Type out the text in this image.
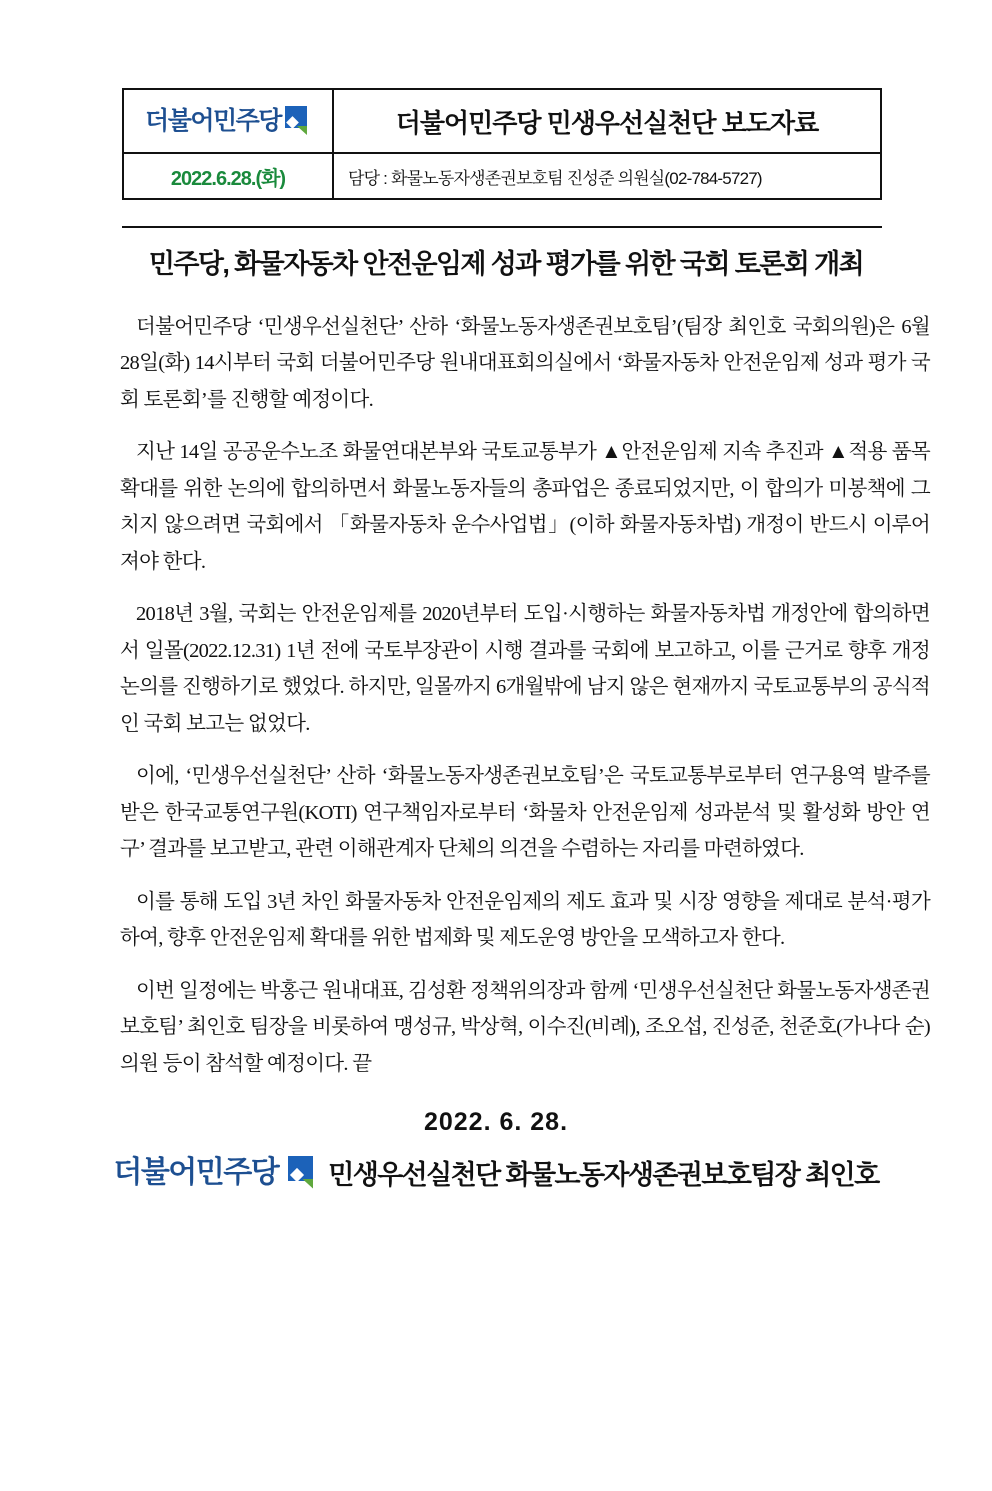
더불어민주당	더불어민주당 민생우선실천단 보도자료
2022.6.28.(화)	담당 : 화물노동자생존권보호팀 진성준 의원실(02-784-5727)
민주당, 화물자동차 안전운임제 성과 평가를 위한 국회 토론회 개최

더불어민주당 ‘민생우선실천단’ 산하 ‘화물노동자생존권보호팀’(팀장 최인호 국회의원)은 6월 28일(화) 14시부터 국회 더불어민주당 원내대표회의실에서 ‘화물자동차 안전운임제 성과 평가 국회 토론회’를 진행할 예정이다.

지난 14일 공공운수노조 화물연대본부와 국토교통부가 ▲안전운임제 지속 추진과 ▲적용 품목 확대를 위한 논의에 합의하면서 화물노동자들의 총파업은 종료되었지만, 이 합의가 미봉책에 그치지 않으려면 국회에서 「화물자동차 운수사업법」(이하 화물자동차법) 개정이 반드시 이루어져야 한다.

2018년 3월, 국회는 안전운임제를 2020년부터 도입·시행하는 화물자동차법 개정안에 합의하면서 일몰(2022.12.31) 1년 전에 국토부장관이 시행 결과를 국회에 보고하고, 이를 근거로 향후 개정 논의를 진행하기로 했었다. 하지만, 일몰까지 6개월밖에 남지 않은 현재까지 국토교통부의 공식적인 국회 보고는 없었다.

이에, ‘민생우선실천단’ 산하 ‘화물노동자생존권보호팀’은 국토교통부로부터 연구용역 발주를 받은 한국교통연구원(KOTI) 연구책임자로부터 ‘화물차 안전운임제 성과분석 및 활성화 방안 연구’ 결과를 보고받고, 관련 이해관계자 단체의 의견을 수렴하는 자리를 마련하였다.

이를 통해 도입 3년 차인 화물자동차 안전운임제의 제도 효과 및 시장 영향을 제대로 분석·평가하여, 향후 안전운임제 확대를 위한 법제화 및 제도운영 방안을 모색하고자 한다.

이번 일정에는 박홍근 원내대표, 김성환 정책위의장과 함께 ‘민생우선실천단 화물노동자생존권보호팀’ 최인호 팀장을 비롯하여 맹성규, 박상혁, 이수진(비례), 조오섭, 진성준, 천준호(가나다 순) 의원 등이 참석할 예정이다. 끝

2022. 6. 28.
더불어민주당 민생우선실천단 화물노동자생존권보호팀장 최인호
